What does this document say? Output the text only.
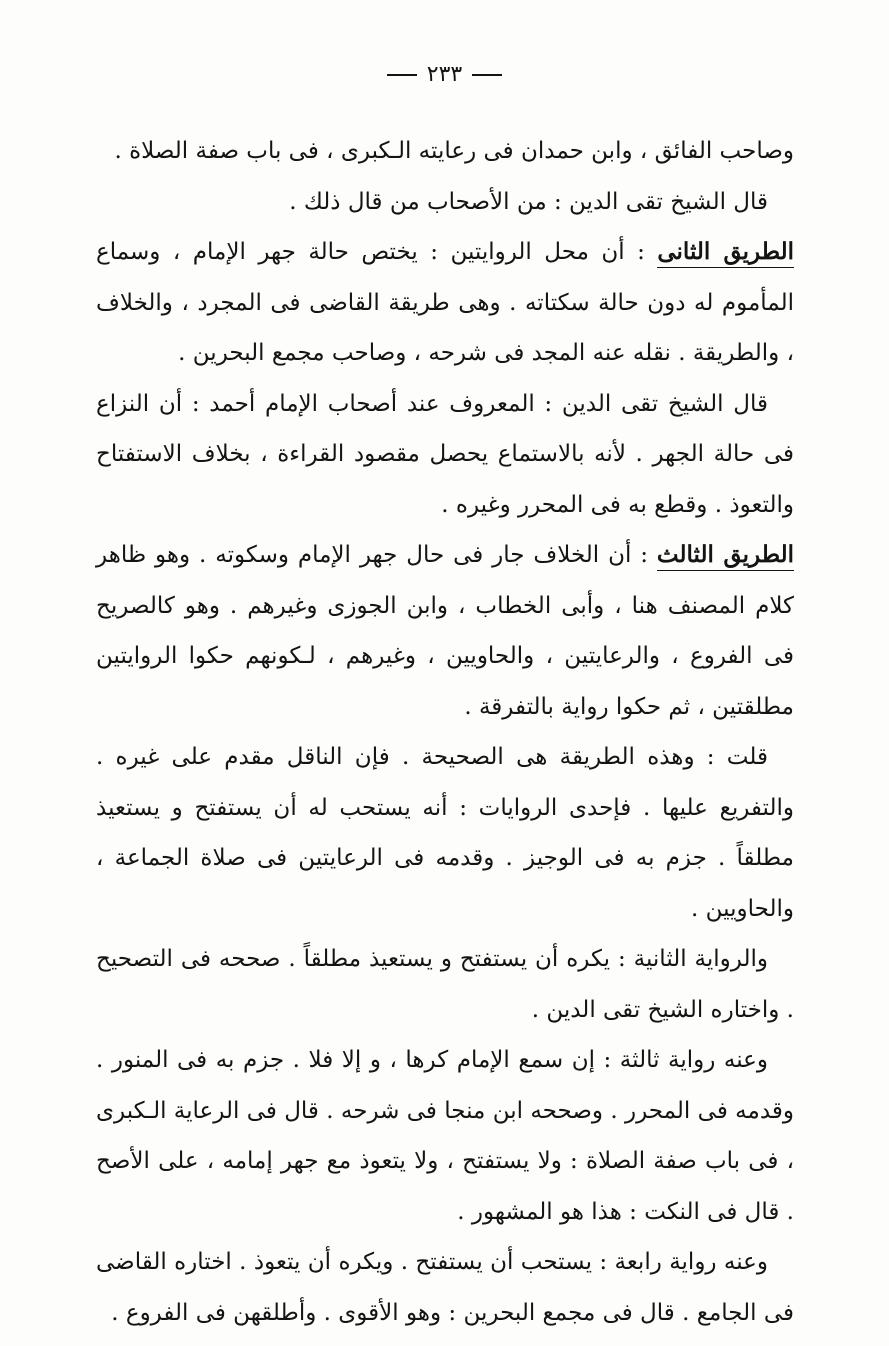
٢٣٣

وصاحب الفائق ، وابن حمدان فى رعايته الـكبرى ، فى باب صفة الصلاة .

قال الشيخ تقى الدين : من الأصحاب من قال ذلك .

الطريق الثانى : أن محل الروايتين : يختص حالة جهر الإمام ، وسماع المأموم له دون حالة سكتاته . وهى طريقة القاضى فى المجرد ، والخلاف ، والطريقة . نقله عنه المجد فى شرحه ، وصاحب مجمع البحرين .

قال الشيخ تقى الدين : المعروف عند أصحاب الإمام أحمد : أن النزاع فى حالة الجهر . لأنه بالاستماع يحصل مقصود القراءة ، بخلاف الاستفتاح والتعوذ . وقطع به فى المحرر وغيره .

الطريق الثالث : أن الخلاف جار فى حال جهر الإمام وسكوته . وهو ظاهر كلام المصنف هنا ، وأبى الخطاب ، وابن الجوزى وغيرهم . وهو كالصريح فى الفروع ، والرعايتين ، والحاويين ، وغيرهم ، لـكونهم حكوا الروايتين مطلقتين ، ثم حكوا رواية بالتفرقة .

قلت : وهذه الطريقة هى الصحيحة . فإن الناقل مقدم على غيره . والتفريع عليها . فإحدى الروايات : أنه يستحب له أن يستفتح و يستعيذ مطلقاً . جزم به فى الوجيز . وقدمه فى الرعايتين فى صلاة الجماعة ، والحاويين .

والرواية الثانية : يكره أن يستفتح و يستعيذ مطلقاً . صححه فى التصحيح . واختاره الشيخ تقى الدين .

وعنه رواية ثالثة : إن سمع الإمام كرها ، و إلا فلا . جزم به فى المنور . وقدمه فى المحرر . وصححه ابن منجا فى شرحه . قال فى الرعاية الـكبرى ، فى باب صفة الصلاة : ولا يستفتح ، ولا يتعوذ مع جهر إمامه ، على الأصح . قال فى النكت : هذا هو المشهور .

وعنه رواية رابعة : يستحب أن يستفتح . ويكره أن يتعوذ . اختاره القاضى فى الجامع . قال فى مجمع البحرين : وهو الأقوى . وأطلقهن فى الفروع .
